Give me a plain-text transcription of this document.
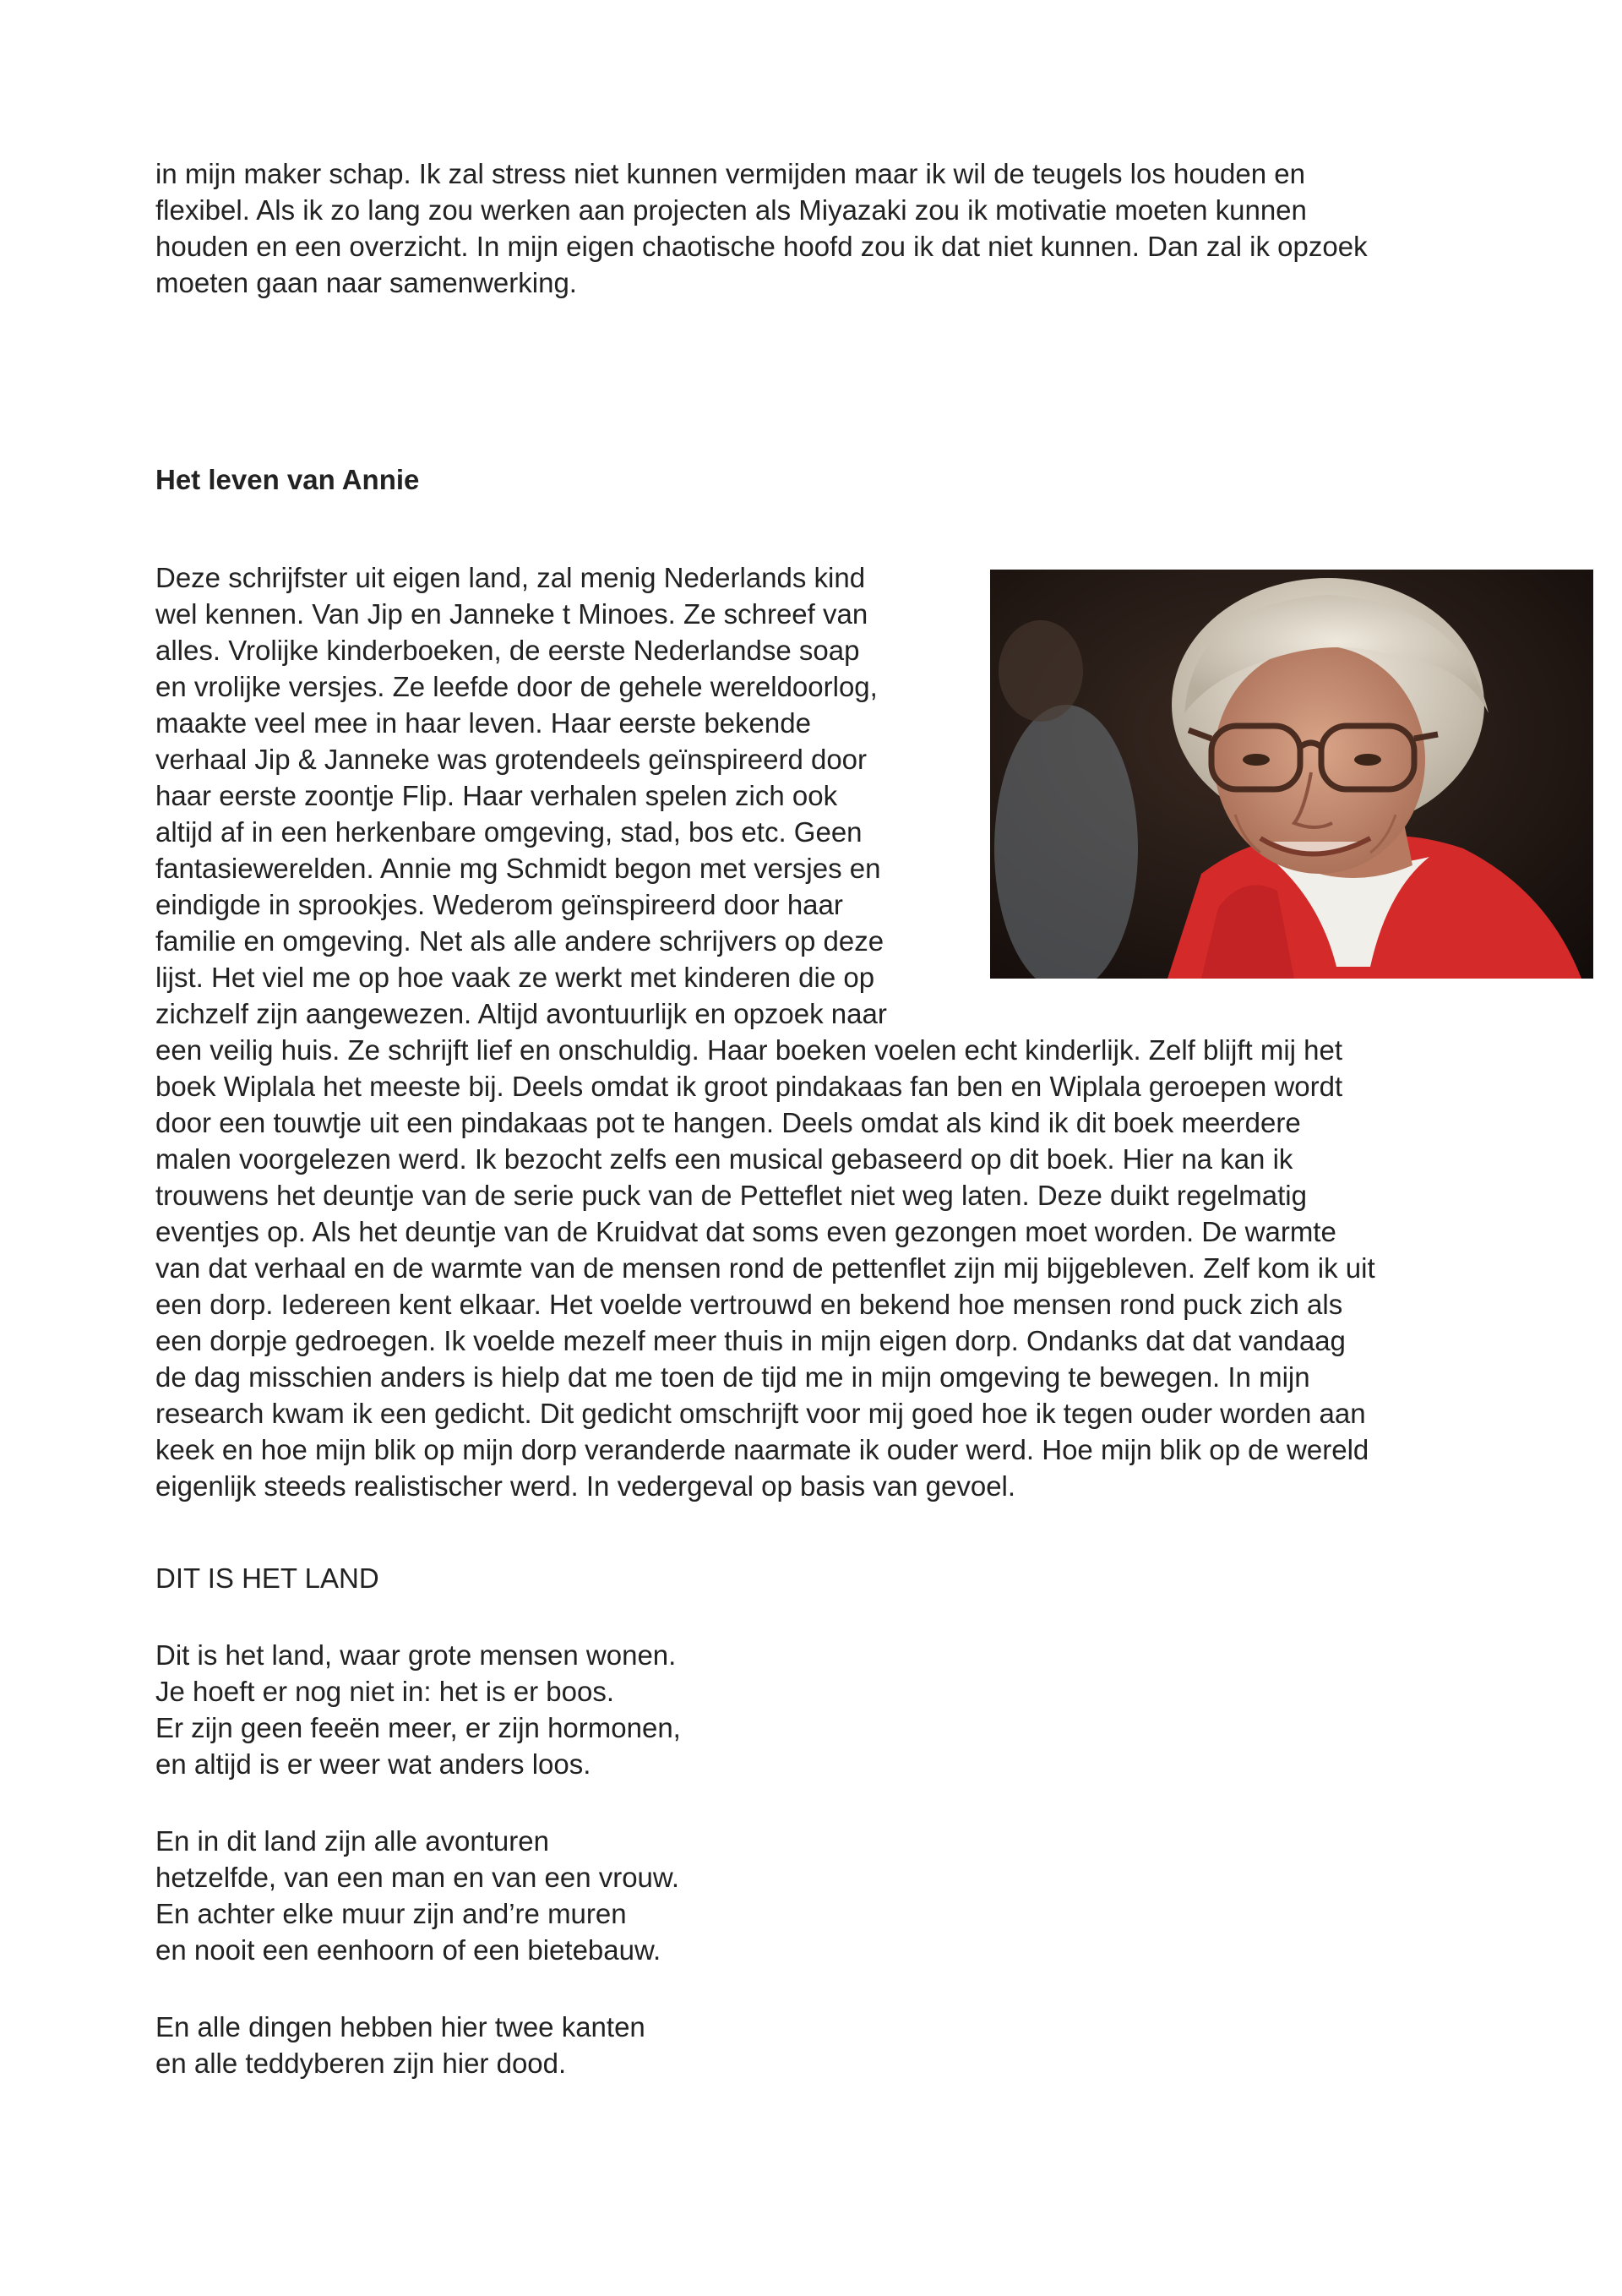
in mijn maker schap. Ik zal stress niet kunnen vermijden maar ik wil de teugels los houden en
flexibel. Als ik zo lang zou werken aan projecten als Miyazaki zou ik motivatie moeten kunnen
houden en een overzicht. In mijn eigen chaotische hoofd zou ik dat niet kunnen. Dan zal ik opzoek
moeten gaan naar samenwerking.
Het leven van Annie
Deze schrijfster uit eigen land, zal menig Nederlands kind
wel kennen. Van Jip en Janneke t Minoes. Ze schreef van
alles. Vrolijke kinderboeken, de eerste Nederlandse soap
en vrolijke versjes. Ze leefde door de gehele wereldoorlog,
maakte veel mee in haar leven. Haar eerste bekende
verhaal Jip & Janneke was grotendeels geïnspireerd door
haar eerste zoontje Flip. Haar verhalen spelen zich ook
altijd af in een herkenbare omgeving, stad, bos etc. Geen
fantasiewerelden. Annie mg Schmidt begon met versjes en
eindigde in sprookjes. Wederom geïnspireerd door haar
familie en omgeving. Net als alle andere schrijvers op deze
lijst. Het viel me op hoe vaak ze werkt met kinderen die op
zichzelf zijn aangewezen. Altijd avontuurlijk en opzoek naar
een veilig huis. Ze schrijft lief en onschuldig. Haar boeken voelen echt kinderlijk. Zelf blijft mij het
boek Wiplala het meeste bij. Deels omdat ik groot pindakaas fan ben en Wiplala geroepen wordt
door een touwtje uit een pindakaas pot te hangen. Deels omdat als kind ik dit boek meerdere
malen voorgelezen werd. Ik bezocht zelfs een musical gebaseerd op dit boek. Hier na kan ik
trouwens het deuntje van de serie puck van de Petteflet niet weg laten. Deze duikt regelmatig
eventjes op. Als het deuntje van de Kruidvat dat soms even gezongen moet worden. De warmte
van dat verhaal en de warmte van de mensen rond de pettenflet zijn mij bijgebleven. Zelf kom ik uit
een dorp. Iedereen kent elkaar. Het voelde vertrouwd en bekend hoe mensen rond puck zich als
een dorpje gedroegen. Ik voelde mezelf meer thuis in mijn eigen dorp. Ondanks dat dat vandaag
de dag misschien anders is hielp dat me toen de tijd me in mijn omgeving te bewegen. In mijn
research kwam ik een gedicht. Dit gedicht omschrijft voor mij goed hoe ik tegen ouder worden aan
keek en hoe mijn blik op mijn dorp veranderde naarmate ik ouder werd. Hoe mijn blik op de wereld
eigenlijk steeds realistischer werd. In vedergeval op basis van gevoel.
DIT IS HET LAND
Dit is het land, waar grote mensen wonen.
Je hoeft er nog niet in: het is er boos.
Er zijn geen feeën meer, er zijn hormonen,
en altijd is er weer wat anders loos.
En in dit land zijn alle avonturen
hetzelfde, van een man en van een vrouw.
En achter elke muur zijn and’re muren
en nooit een eenhoorn of een bietebauw.
En alle dingen hebben hier twee kanten
en alle teddyberen zijn hier dood.
